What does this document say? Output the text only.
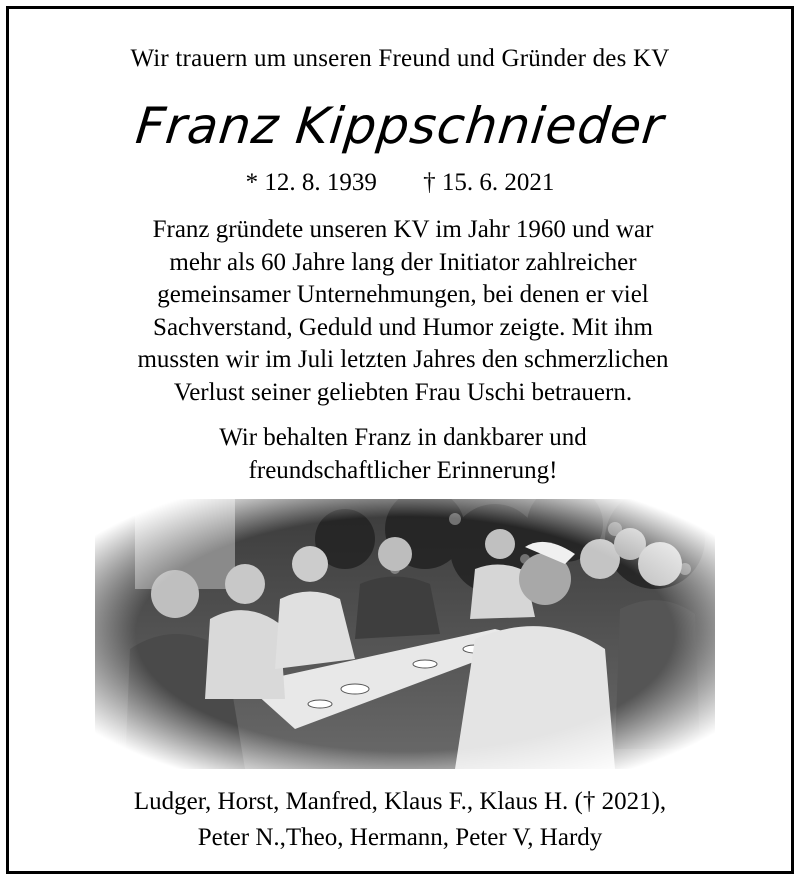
Wir trauern um unseren Freund und Gründer des KV
Franz Kippschnieder
* 12. 8. 1939 † 15. 6. 2021
Franz gründete unseren KV im Jahr 1960 und war
mehr als 60 Jahre lang der Initiator zahlreicher
gemeinsamer Unternehmungen, bei denen er viel
Sachverstand, Geduld und Humor zeigte. Mit ihm
mussten wir im Juli letzten Jahres den schmerzlichen
Verlust seiner geliebten Frau Uschi betrauern.
Wir behalten Franz in dankbarer und
freundschaftlicher Erinnerung!
Ludger, Horst, Manfred, Klaus F., Klaus H. († 2021),
Peter N.,Theo, Hermann, Peter V, Hardy
